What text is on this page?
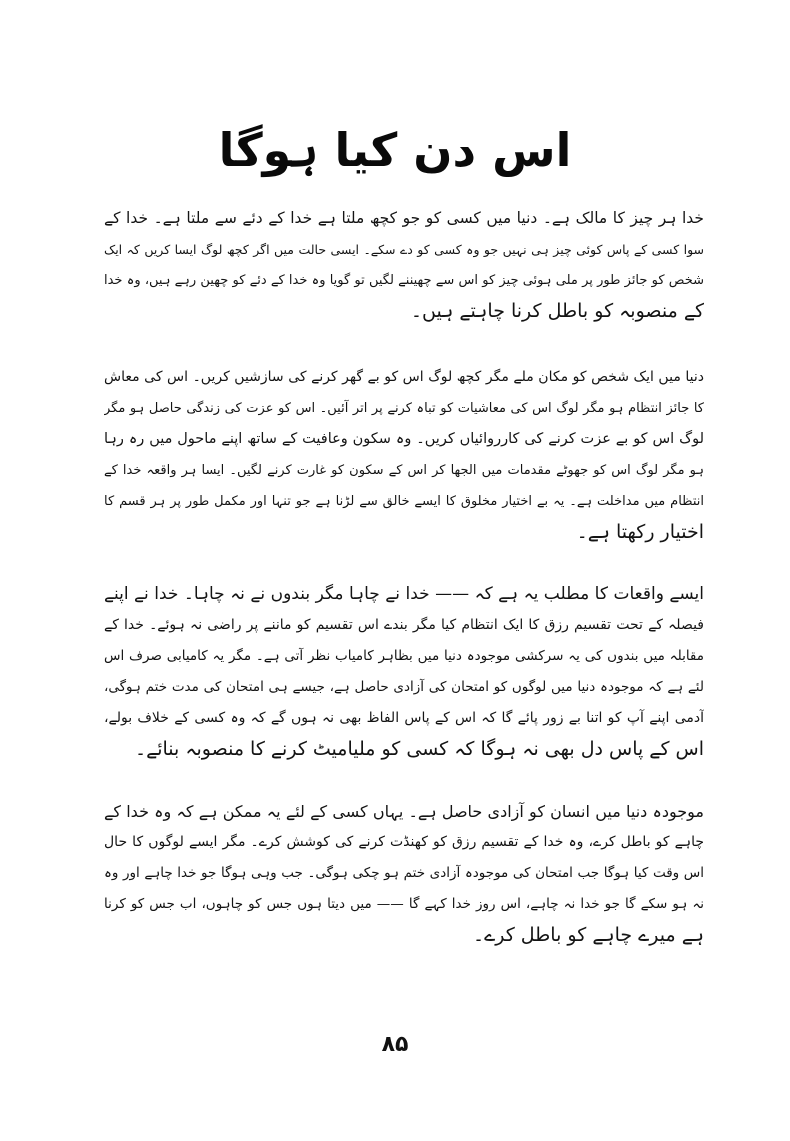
اس دن کیا ہوگا
خدا ہر چیز کا مالک ہے۔ دنیا میں کسی کو جو کچھ ملتا ہے خدا کے دئے سے ملتا ہے۔ خدا کے
سوا کسی کے پاس کوئی چیز ہی نہیں جو وہ کسی کو دے سکے۔ ایسی حالت میں اگر کچھ لوگ ایسا کریں کہ ایک
شخص کو جائز طور پر ملی ہوئی چیز کو اس سے چھیننے لگیں تو گویا وہ خدا کے دئے کو چھین رہے ہیں، وہ خدا
کے منصوبہ کو باطل کرنا چاہتے ہیں۔
دنیا میں ایک شخص کو مکان ملے مگر کچھ لوگ اس کو بے گھر کرنے کی سازشیں کریں۔ اس کی معاش
کا جائز انتظام ہو مگر لوگ اس کی معاشیات کو تباہ کرنے پر اتر آئیں۔ اس کو عزت کی زندگی حاصل ہو مگر
لوگ اس کو بے عزت کرنے کی کارروائیاں کریں۔ وہ سکون وعافیت کے ساتھ اپنے ماحول میں رہ رہا
ہو مگر لوگ اس کو جھوٹے مقدمات میں الجھا کر اس کے سکون کو غارت کرنے لگیں۔ ایسا ہر واقعہ خدا کے
انتظام میں مداخلت ہے۔ یہ بے اختیار مخلوق کا ایسے خالق سے لڑنا ہے جو تنہا اور مکمل طور پر ہر قسم کا
اختیار رکھتا ہے۔
ایسے واقعات کا مطلب یہ ہے کہ —— خدا نے چاہا مگر بندوں نے نہ چاہا۔ خدا نے اپنے
فیصلہ کے تحت تقسیم رزق کا ایک انتظام کیا مگر بندے اس تقسیم کو ماننے پر راضی نہ ہوئے۔ خدا کے
مقابلہ میں بندوں کی یہ سرکشی موجودہ دنیا میں بظاہر کامیاب نظر آتی ہے۔ مگر یہ کامیابی صرف اس
لئے ہے کہ موجودہ دنیا میں لوگوں کو امتحان کی آزادی حاصل ہے، جیسے ہی امتحان کی مدت ختم ہوگی،
آدمی اپنے آپ کو اتنا بے زور پائے گا کہ اس کے پاس الفاظ بھی نہ ہوں گے کہ وہ کسی کے خلاف بولے،
اس کے پاس دل بھی نہ ہوگا کہ کسی کو ملیامیٹ کرنے کا منصوبہ بنائے۔
موجودہ دنیا میں انسان کو آزادی حاصل ہے۔ یہاں کسی کے لئے یہ ممکن ہے کہ وہ خدا کے
چاہے کو باطل کرے، وہ خدا کے تقسیم رزق کو کھنڈت کرنے کی کوشش کرے۔ مگر ایسے لوگوں کا حال
اس وقت کیا ہوگا جب امتحان کی موجودہ آزادی ختم ہو چکی ہوگی۔ جب وہی ہوگا جو خدا چاہے اور وہ
نہ ہو سکے گا جو خدا نہ چاہے، اس روز خدا کہے گا —— میں دیتا ہوں جس کو چاہوں، اب جس کو کرنا
ہے میرے چاہے کو باطل کرے۔
۸۵
